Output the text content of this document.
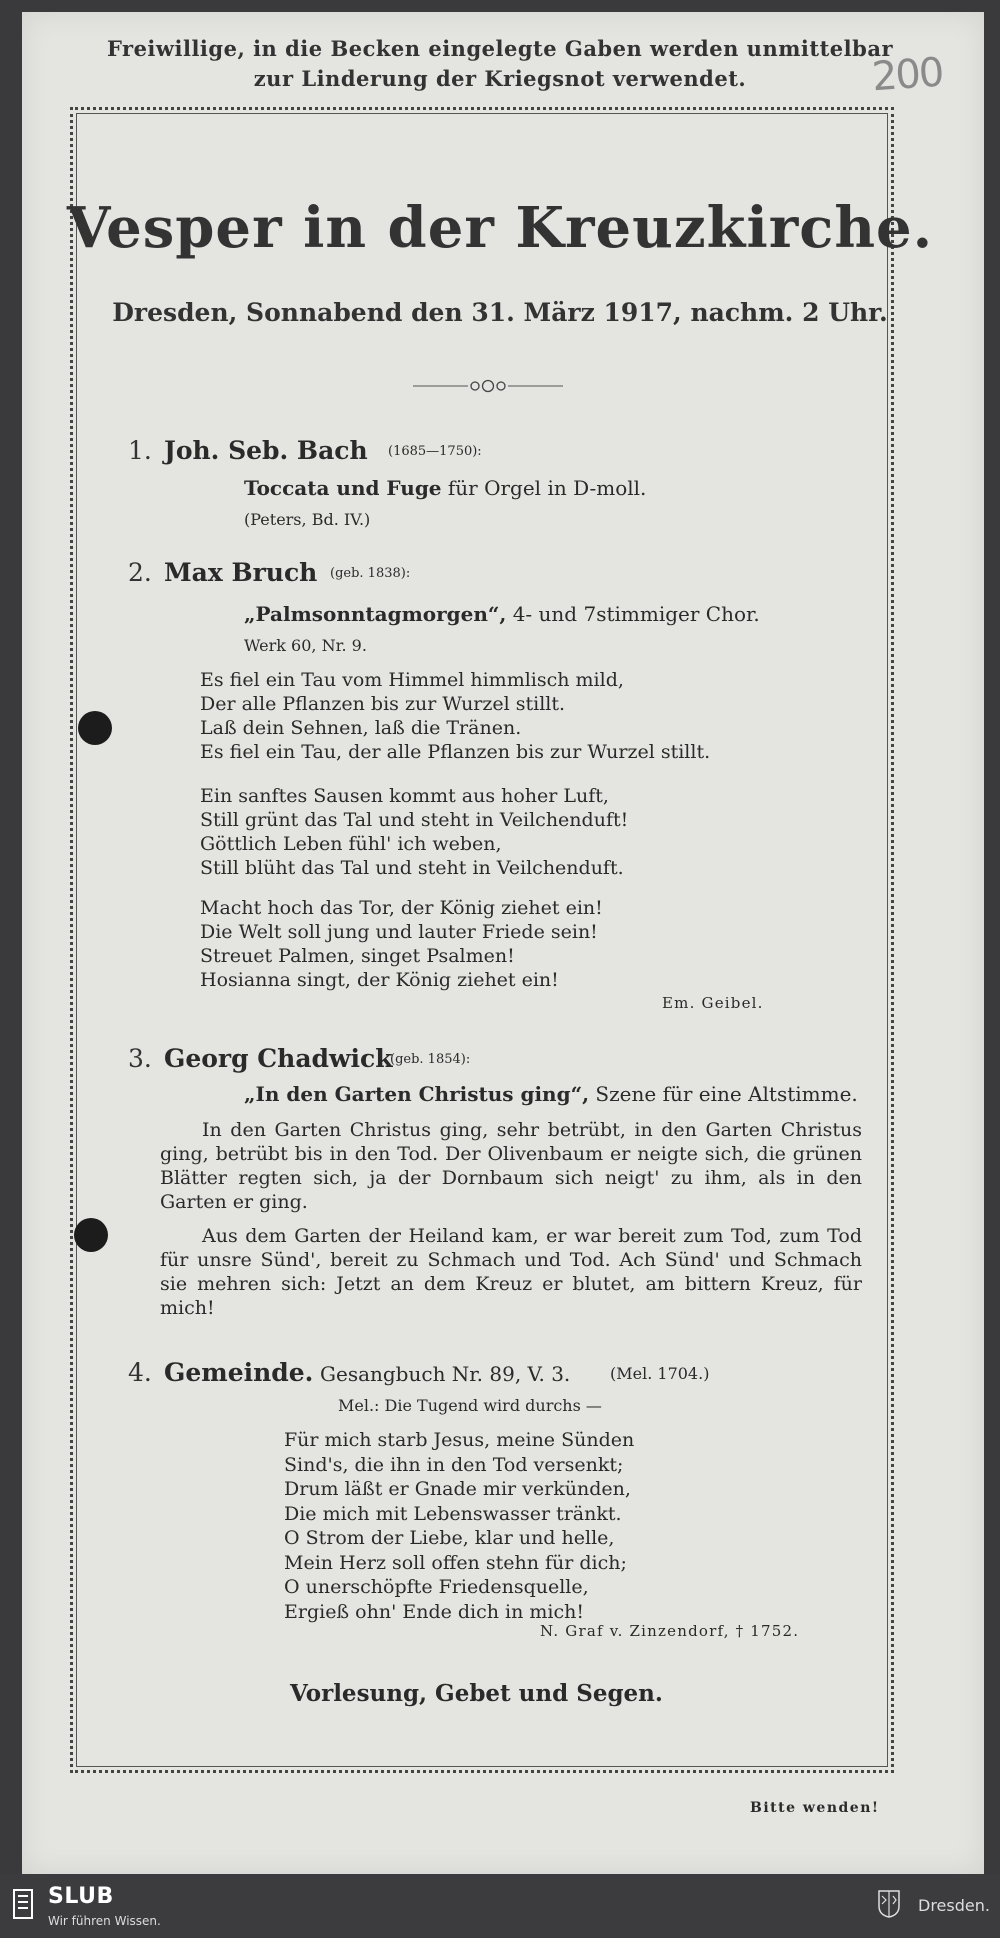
Freiwillige, in die Becken eingelegte Gaben werden unmittelbar
zur Linderung der Kriegsnot verwendet.	200
Vesper in der Kreuzkirche.
Dresden, Sonnabend den 31. März 1917, nachm. 2 Uhr.
1. Joh. Seb. Bach (1685—1750):
Toccata und Fuge für Orgel in D-moll.
(Peters, Bd. IV.)
2. Max Bruch (geb. 1838):
„Palmsonntagmorgen“, 4- und 7stimmiger Chor.
Werk 60, Nr. 9.
Es fiel ein Tau vom Himmel himmlisch mild,
Der alle Pflanzen bis zur Wurzel stillt.
Laß dein Sehnen, laß die Tränen.
Es fiel ein Tau, der alle Pflanzen bis zur Wurzel stillt.
Ein sanftes Sausen kommt aus hoher Luft,
Still grünt das Tal und steht in Veilchenduft!
Göttlich Leben fühl' ich weben,
Still blüht das Tal und steht in Veilchenduft.
Macht hoch das Tor, der König ziehet ein!
Die Welt soll jung und lauter Friede sein!
Streuet Palmen, singet Psalmen!
Hosianna singt, der König ziehet ein!
Em. Geibel.
3. Georg Chadwick
(geb. 1854):
„In den Garten Christus ging“, Szene für eine Altstimme.

In den Garten Christus ging, sehr betrübt, in den Garten Christus ging, betrübt bis in den Tod. Der Olivenbaum er neigte sich, die grünen Blätter regten sich, ja der Dornbaum sich neigt' zu ihm, als in den Garten er ging.

Aus dem Garten der Heiland kam, er war bereit zum Tod, zum Tod für unsre Sünd', bereit zu Schmach und Tod. Ach Sünd' und Schmach sie mehren sich: Jetzt an dem Kreuz er blutet, am bittern Kreuz, für mich!

4. Gemeinde. Gesangbuch Nr. 89, V. 3. (Mel. 1704.)
Mel.: Die Tugend wird durchs —
Für mich starb Jesus, meine Sünden
Sind's, die ihn in den Tod versenkt;
Drum läßt er Gnade mir verkünden,
Die mich mit Lebenswasser tränkt.
O Strom der Liebe, klar und helle,
Mein Herz soll offen stehn für dich;
O unerschöpfte Friedensquelle,
Ergieß ohn' Ende dich in mich!
N. Graf v. Zinzendorf, † 1752.
Vorlesung, Gebet und Segen.
Bitte wenden!
SLUB
Wir führen Wissen.
Dresden.
